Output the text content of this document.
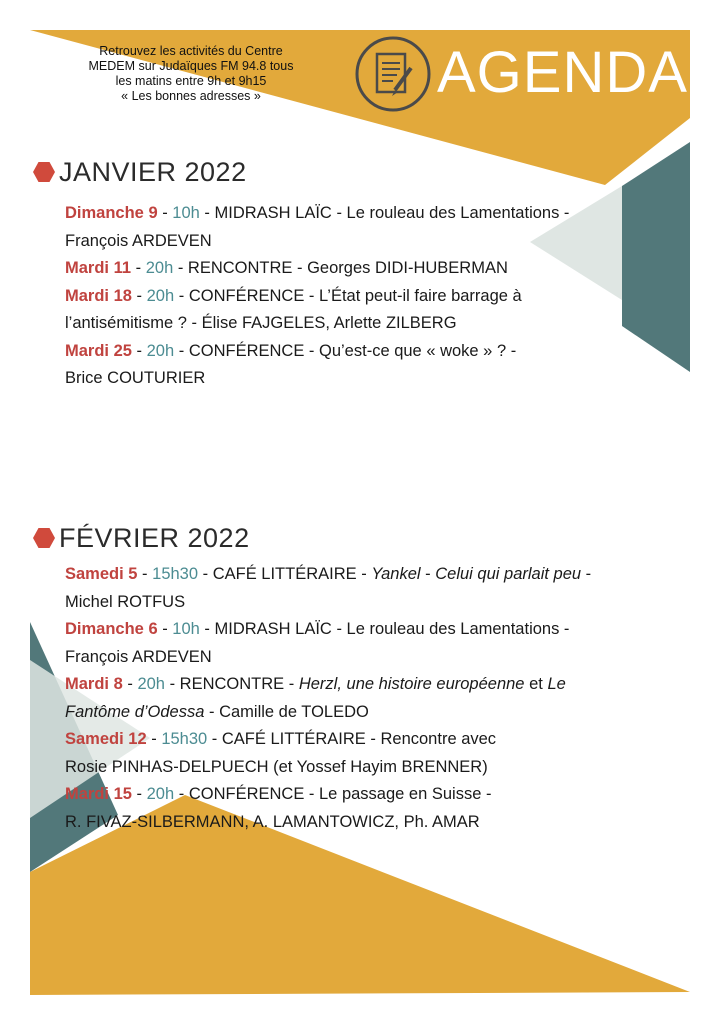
Retrouvez les activités du Centre
MEDEM sur Judaïques FM 94.8 tous
les matins entre 9h et 9h15
« Les bonnes adresses »	AGENDA
JANVIER 2022
Dimanche 9 - 10h - MIDRASH LAÏC - Le rouleau des Lamentations -
François ARDEVEN
Mardi 11 - 20h - RENCONTRE - Georges DIDI-HUBERMAN
Mardi 18 - 20h - CONFÉRENCE - L’État peut-il faire barrage à
l’antisémitisme ? - Élise FAJGELES, Arlette ZILBERG
Mardi 25 - 20h - CONFÉRENCE - Qu’est-ce que « woke » ? -
Brice COUTURIER
FÉVRIER 2022
Samedi 5 - 15h30 - CAFÉ LITTÉRAIRE - Yankel - Celui qui parlait peu -
Michel ROTFUS
Dimanche 6 - 10h - MIDRASH LAÏC - Le rouleau des Lamentations -
François ARDEVEN
Mardi 8 - 20h - RENCONTRE - Herzl, une histoire européenne et Le
Fantôme d’Odessa - Camille de TOLEDO
Samedi 12 - 15h30 - CAFÉ LITTÉRAIRE - Rencontre avec
Rosie PINHAS-DELPUECH (et Yossef Hayim BRENNER)
Mardi 15 - 20h - CONFÉRENCE - Le passage en Suisse -
R. FIVAZ-SILBERMANN, A. LAMANTOWICZ, Ph. AMAR
